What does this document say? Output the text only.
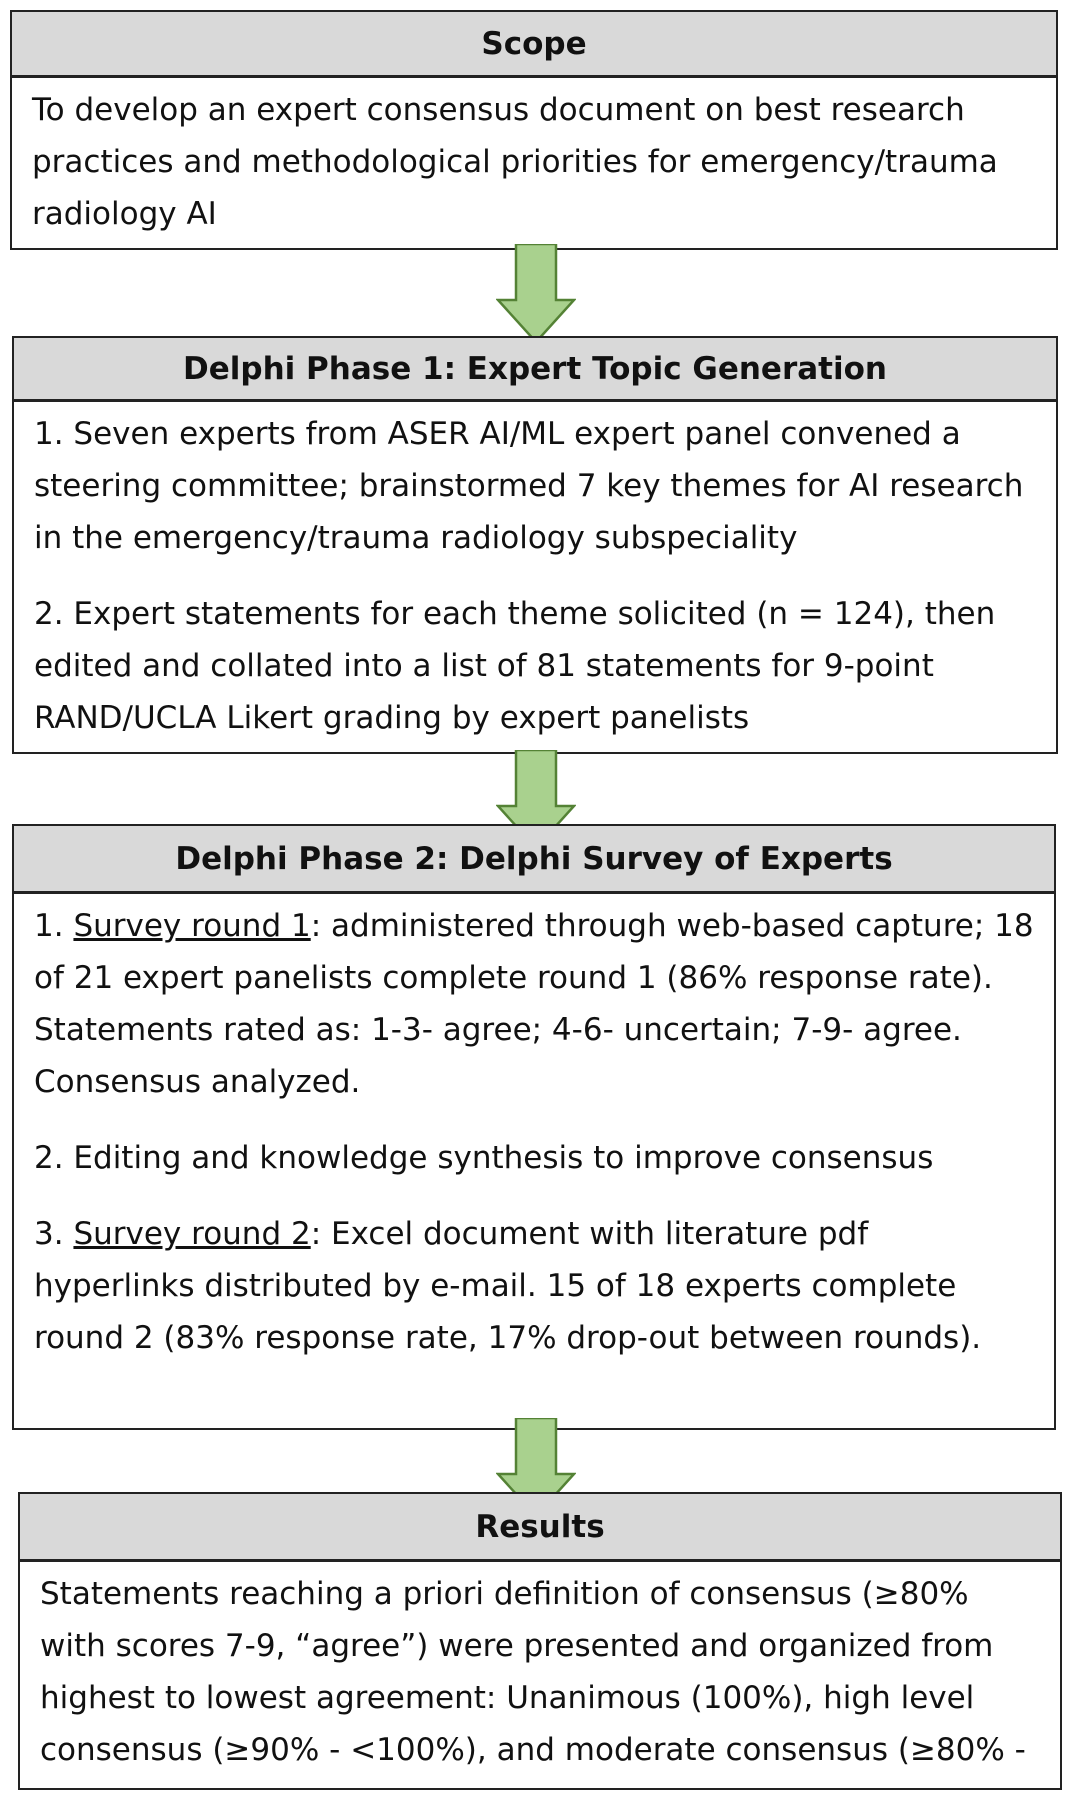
Scope

To develop an expert consensus document on best research practices and methodological priorities for emergency/trauma radiology AI

Delphi Phase 1: Expert Topic Generation

1. Seven experts from ASER AI/ML expert panel convened a steering committee; brainstormed 7 key themes for AI research in the emergency/trauma radiology subspeciality

2. Expert statements for each theme solicited (n = 124), then edited and collated into a list of 81 statements for 9-point RAND/UCLA Likert grading by expert panelists

Delphi Phase 2: Delphi Survey of Experts

1. Survey round 1: administered through web-based capture; 18 of 21 expert panelists complete round 1 (86% response rate). Statements rated as: 1-3- agree; 4-6- uncertain; 7-9- agree. Consensus analyzed.

2. Editing and knowledge synthesis to improve consensus

3. Survey round 2: Excel document with literature pdf hyperlinks distributed by e-mail. 15 of 18 experts complete round 2 (83% response rate, 17% drop-out between rounds).

Results

Statements reaching a priori definition of consensus (≥80% with scores 7-9, “agree”) were presented and organized from highest to lowest agreement: Unanimous (100%), high level consensus (≥90% - <100%), and moderate consensus (≥80% -
